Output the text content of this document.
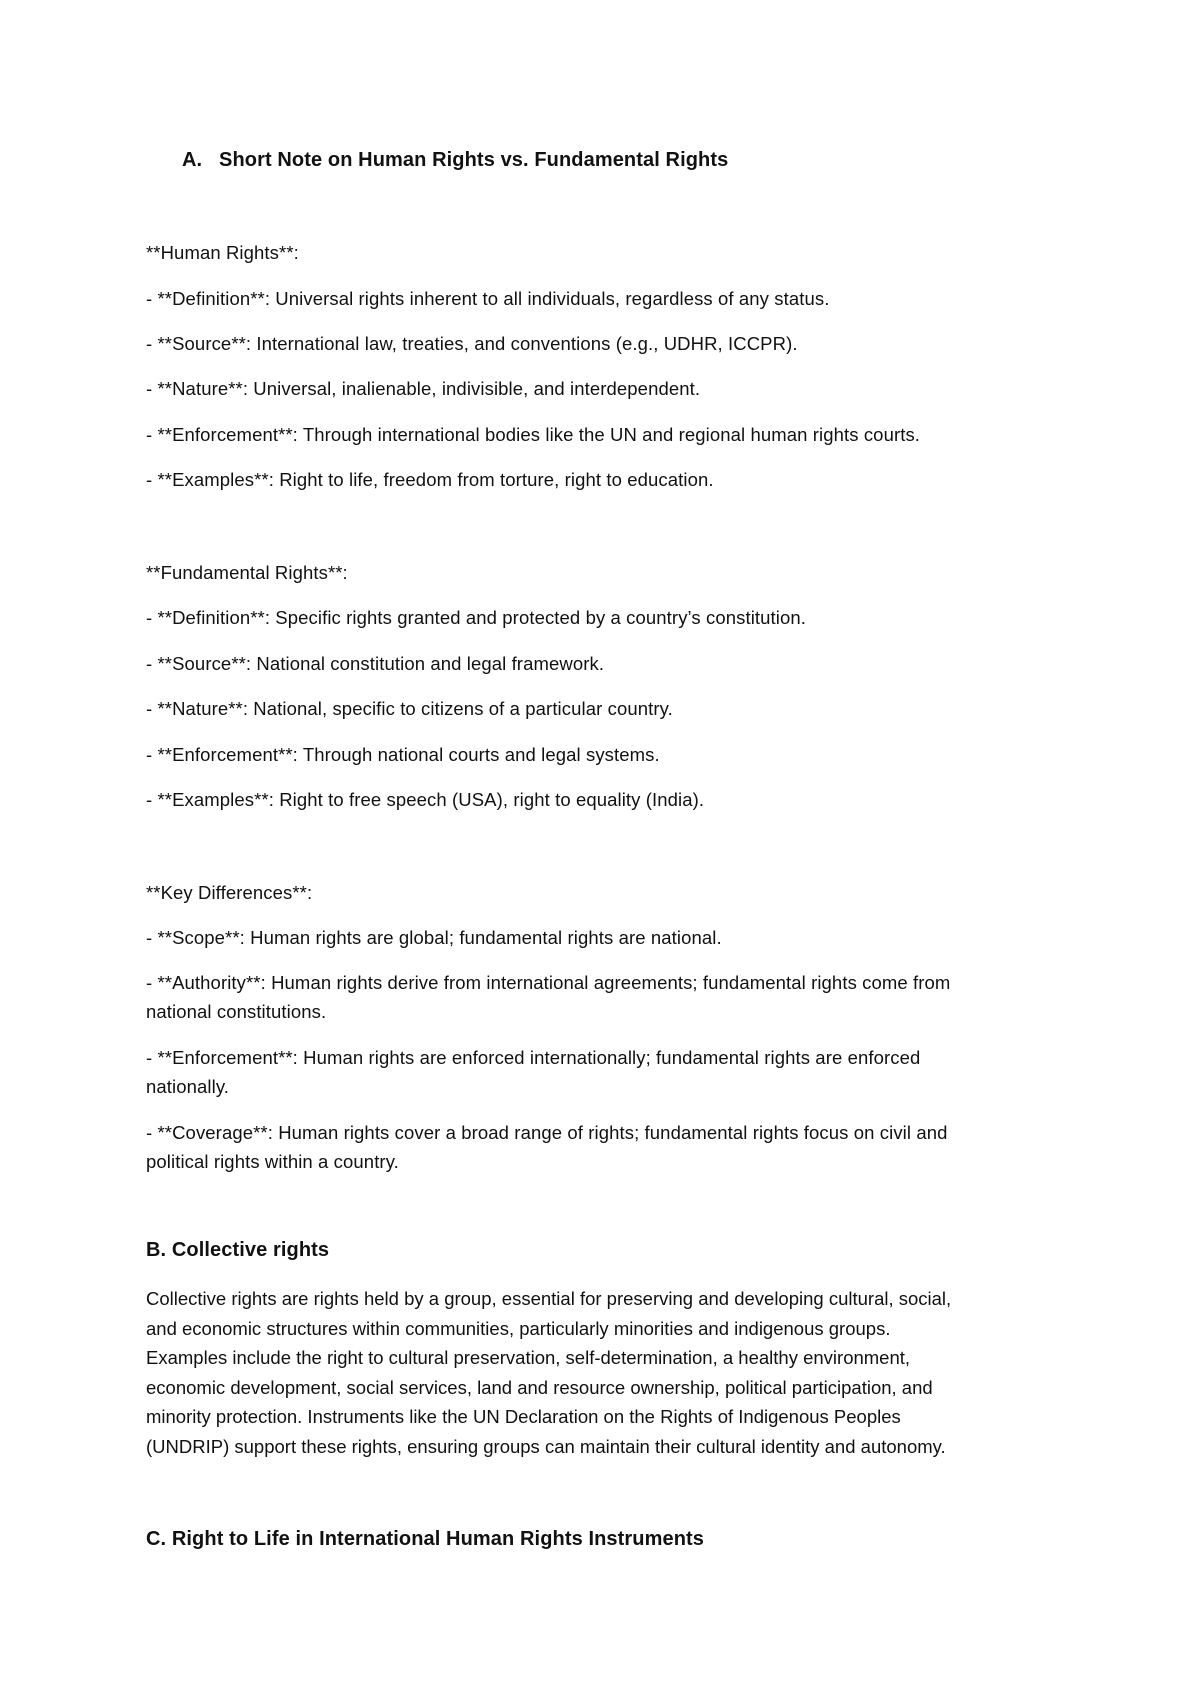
A. Short Note on Human Rights vs. Fundamental Rights
**Human Rights**:
- **Definition**: Universal rights inherent to all individuals, regardless of any status.
- **Source**: International law, treaties, and conventions (e.g., UDHR, ICCPR).
- **Nature**: Universal, inalienable, indivisible, and interdependent.
- **Enforcement**: Through international bodies like the UN and regional human rights courts.
- **Examples**: Right to life, freedom from torture, right to education.
**Fundamental Rights**:
- **Definition**: Specific rights granted and protected by a country’s constitution.
- **Source**: National constitution and legal framework.
- **Nature**: National, specific to citizens of a particular country.
- **Enforcement**: Through national courts and legal systems.
- **Examples**: Right to free speech (USA), right to equality (India).
**Key Differences**:
- **Scope**: Human rights are global; fundamental rights are national.
- **Authority**: Human rights derive from international agreements; fundamental rights come from
national constitutions.
- **Enforcement**: Human rights are enforced internationally; fundamental rights are enforced
nationally.
- **Coverage**: Human rights cover a broad range of rights; fundamental rights focus on civil and
political rights within a country.
B. Collective rights
Collective rights are rights held by a group, essential for preserving and developing cultural, social,
and economic structures within communities, particularly minorities and indigenous groups.
Examples include the right to cultural preservation, self-determination, a healthy environment,
economic development, social services, land and resource ownership, political participation, and
minority protection. Instruments like the UN Declaration on the Rights of Indigenous Peoples
(UNDRIP) support these rights, ensuring groups can maintain their cultural identity and autonomy.
C. Right to Life in International Human Rights Instruments
